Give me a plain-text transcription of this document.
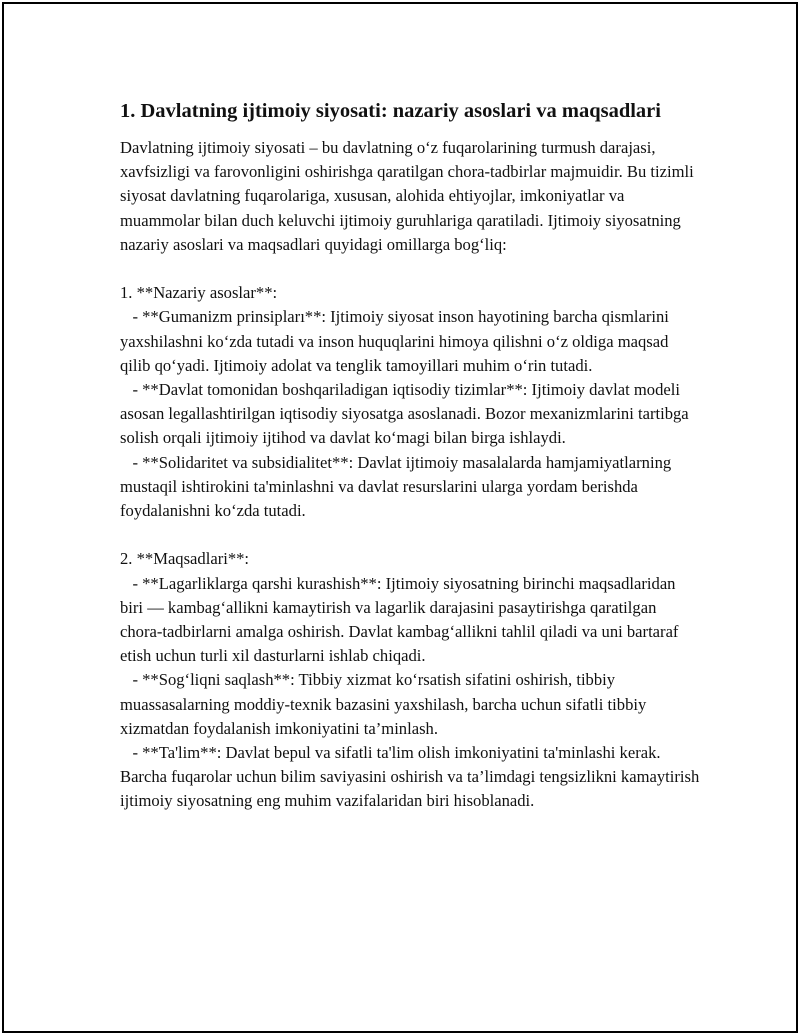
1. Davlatning ijtimoiy siyosati: nazariy asoslari va maqsadlari

Davlatning ijtimoiy siyosati – bu davlatning o‘z fuqarolarining turmush darajasi, xavfsizligi va farovonligini oshirishga qaratilgan chora-tadbirlar majmuidir. Bu tizimli siyosat davlatning fuqarolariga, xususan, alohida ehtiyojlar, imkoniyatlar va muammolar bilan duch keluvchi ijtimoiy guruhlariga qaratiladi. Ijtimoiy siyosatning nazariy asoslari va maqsadlari quyidagi omillarga bog‘liq:

1. **Nazariy asoslar**:

- **Gumanizm prinsipları**: Ijtimoiy siyosat inson hayotining barcha qismlarini yaxshilashni ko‘zda tutadi va inson huquqlarini himoya qilishni o‘z oldiga maqsad qilib qo‘yadi. Ijtimoiy adolat va tenglik tamoyillari muhim o‘rin tutadi.

- **Davlat tomonidan boshqariladigan iqtisodiy tizimlar**: Ijtimoiy davlat modeli asosan legallashtirilgan iqtisodiy siyosatga asoslanadi. Bozor mexanizmlarini tartibga solish orqali ijtimoiy ijtihod va davlat ko‘magi bilan birga ishlaydi.

- **Solidaritet va subsidialitet**: Davlat ijtimoiy masalalarda hamjamiyatlarning mustaqil ishtirokini ta'minlashni va davlat resurslarini ularga yordam berishda foydalanishni ko‘zda tutadi.

2. **Maqsadlari**:

- **Lagarliklarga qarshi kurashish**: Ijtimoiy siyosatning birinchi maqsadlaridan biri — kambag‘allikni kamaytirish va lagarlik darajasini pasaytirishga qaratilgan chora-tadbirlarni amalga oshirish. Davlat kambag‘allikni tahlil qiladi va uni bartaraf etish uchun turli xil dasturlarni ishlab chiqadi.

- **Sog‘liqni saqlash**: Tibbiy xizmat ko‘rsatish sifatini oshirish, tibbiy muassasalarning moddiy-texnik bazasini yaxshilash, barcha uchun sifatli tibbiy xizmatdan foydalanish imkoniyatini ta’minlash.

- **Ta'lim**: Davlat bepul va sifatli ta'lim olish imkoniyatini ta'minlashi kerak. Barcha fuqarolar uchun bilim saviyasini oshirish va ta’limdagi tengsizlikni kamaytirish ijtimoiy siyosatning eng muhim vazifalaridan biri hisoblanadi.
